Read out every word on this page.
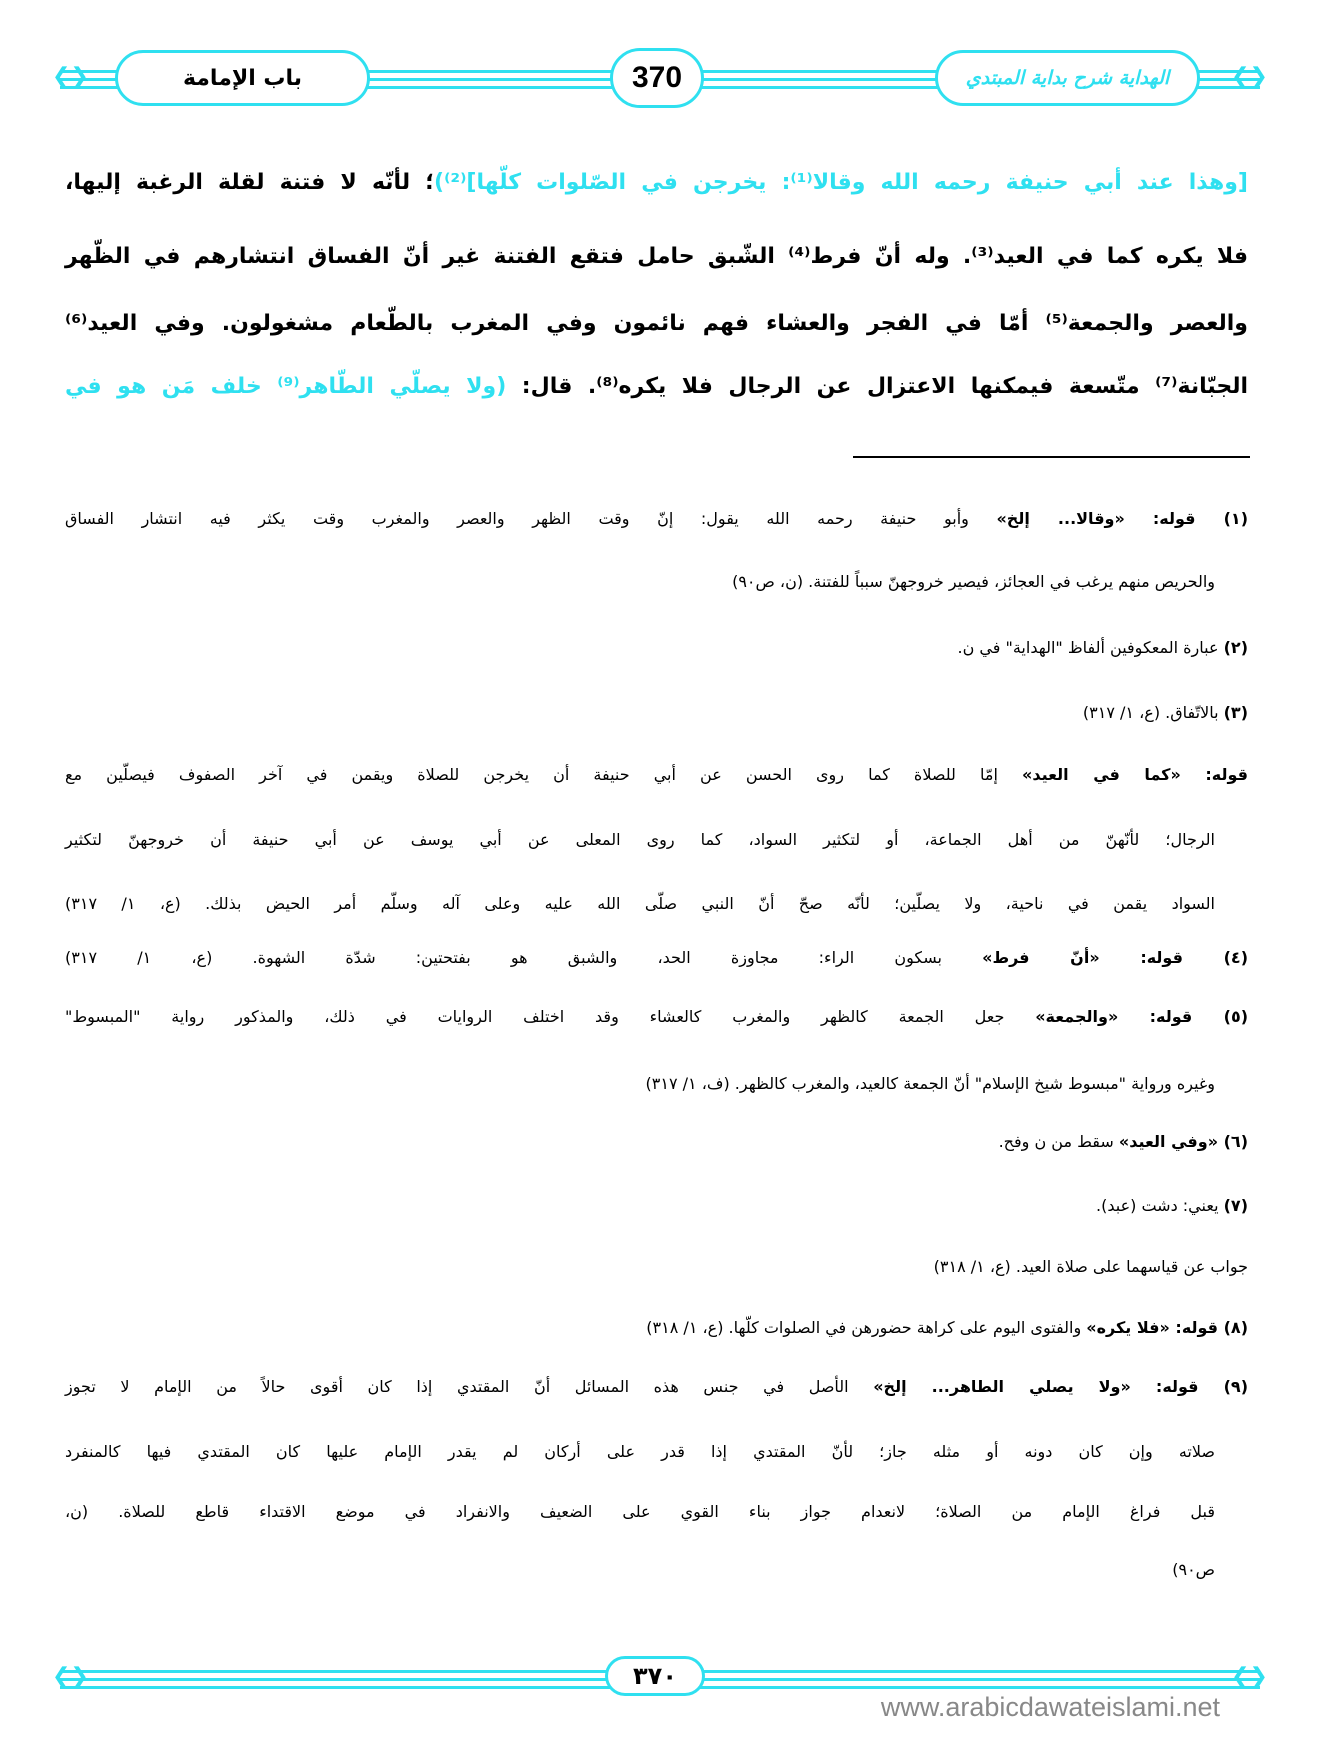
❮❯	❮❯
باب الإمامة	370	الهداية شرح بداية المبتدي
[وهذا عند أبي حنيفة رحمه الله وقالا⁽¹⁾: يخرجن في الصّلوات كلّها]⁽²⁾)؛ لأنّه لا فتنة لقلة الرغبة إليها،
فلا يكره كما في العيد⁽³⁾. وله أنّ فرط⁽⁴⁾ الشّبق حامل فتقع الفتنة غير أنّ الفساق انتشارهم في الظّهر
والعصر والجمعة⁽⁵⁾ أمّا في الفجر والعشاء فهم نائمون وفي المغرب بالطّعام مشغولون. وفي العيد⁽⁶⁾
الجبّانة⁽⁷⁾ متّسعة فيمكنها الاعتزال عن الرجال فلا يكره⁽⁸⁾. قال: (ولا يصلّي الطّاهر⁽⁹⁾ خلف مَن هو في
(١) قوله: «وقالا... إلخ» وأبو حنيفة رحمه الله يقول: إنّ وقت الظهر والعصر والمغرب وقت يكثر فيه انتشار الفساق
والحريص منهم يرغب في العجائز، فيصير خروجهنّ سبباً للفتنة. (ن، ص٩٠)
(٢) عبارة المعكوفين ألفاظ "الهداية" في ن.
(٣) بالاتّفاق. (ع، ١/ ٣١٧)
قوله: «كما في العيد» إمّا للصلاة كما روى الحسن عن أبي حنيفة أن يخرجن للصلاة ويقمن في آخر الصفوف فيصلّين مع
الرجال؛ لأنّهنّ من أهل الجماعة، أو لتكثير السواد، كما روى المعلى عن أبي يوسف عن أبي حنيفة أن خروجهنّ لتكثير
السواد يقمن في ناحية، ولا يصلّين؛ لأنّه صحّ أنّ النبي صلّى الله عليه وعلى آله وسلّم أمر الحيض بذلك. (ع، ١/ ٣١٧)
(٤) قوله: «أنّ فرط» بسكون الراء: مجاوزة الحد، والشبق هو بفتحتين: شدّة الشهوة. (ع، ١/ ٣١٧)
(٥) قوله: «والجمعة» جعل الجمعة كالظهر والمغرب كالعشاء وقد اختلف الروايات في ذلك، والمذكور رواية "المبسوط"
وغيره ورواية "مبسوط شيخ الإسلام" أنّ الجمعة كالعيد، والمغرب كالظهر. (ف، ١/ ٣١٧)
(٦) «وفي العيد» سقط من ن وفح.
(٧) يعني: دشت (عبد).
جواب عن قياسهما على صلاة العيد. (ع، ١/ ٣١٨)
(٨) قوله: «فلا يكره» والفتوى اليوم على كراهة حضورهن في الصلوات كلّها. (ع، ١/ ٣١٨)
(٩) قوله: «ولا يصلي الطاهر... إلخ» الأصل في جنس هذه المسائل أنّ المقتدي إذا كان أقوى حالاً من الإمام لا تجوز
صلاته وإن كان دونه أو مثله جاز؛ لأنّ المقتدي إذا قدر على أركان لم يقدر الإمام عليها كان المقتدي فيها كالمنفرد
قبل فراغ الإمام من الصلاة؛ لانعدام جواز بناء القوي على الضعيف والانفراد في موضع الاقتداء قاطع للصلاة. (ن،
ص٩٠)
❮❯	❮❯
٣٧٠
www.arabicdawateislami.net
